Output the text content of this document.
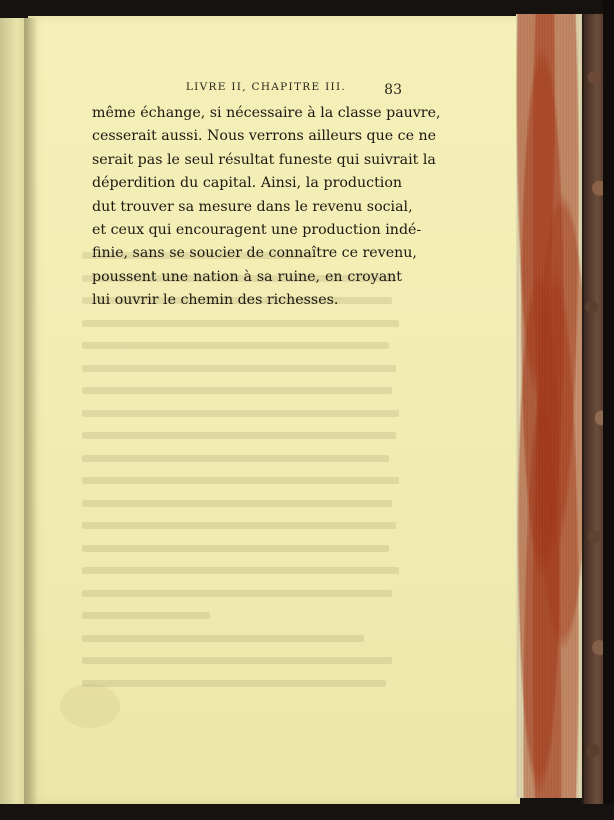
LIVRE II, CHAPITRE III.	83
même échange, si nécessaire à la classe pauvre,
cesserait aussi. Nous verrons ailleurs que ce ne
serait pas le seul résultat funeste qui suivrait la
déperdition du capital. Ainsi, la production
dut trouver sa mesure dans le revenu social,
et ceux qui encouragent une production indé-
finie, sans se soucier de connaître ce revenu,
poussent une nation à sa ruine, en croyant
lui ouvrir le chemin des richesses.
